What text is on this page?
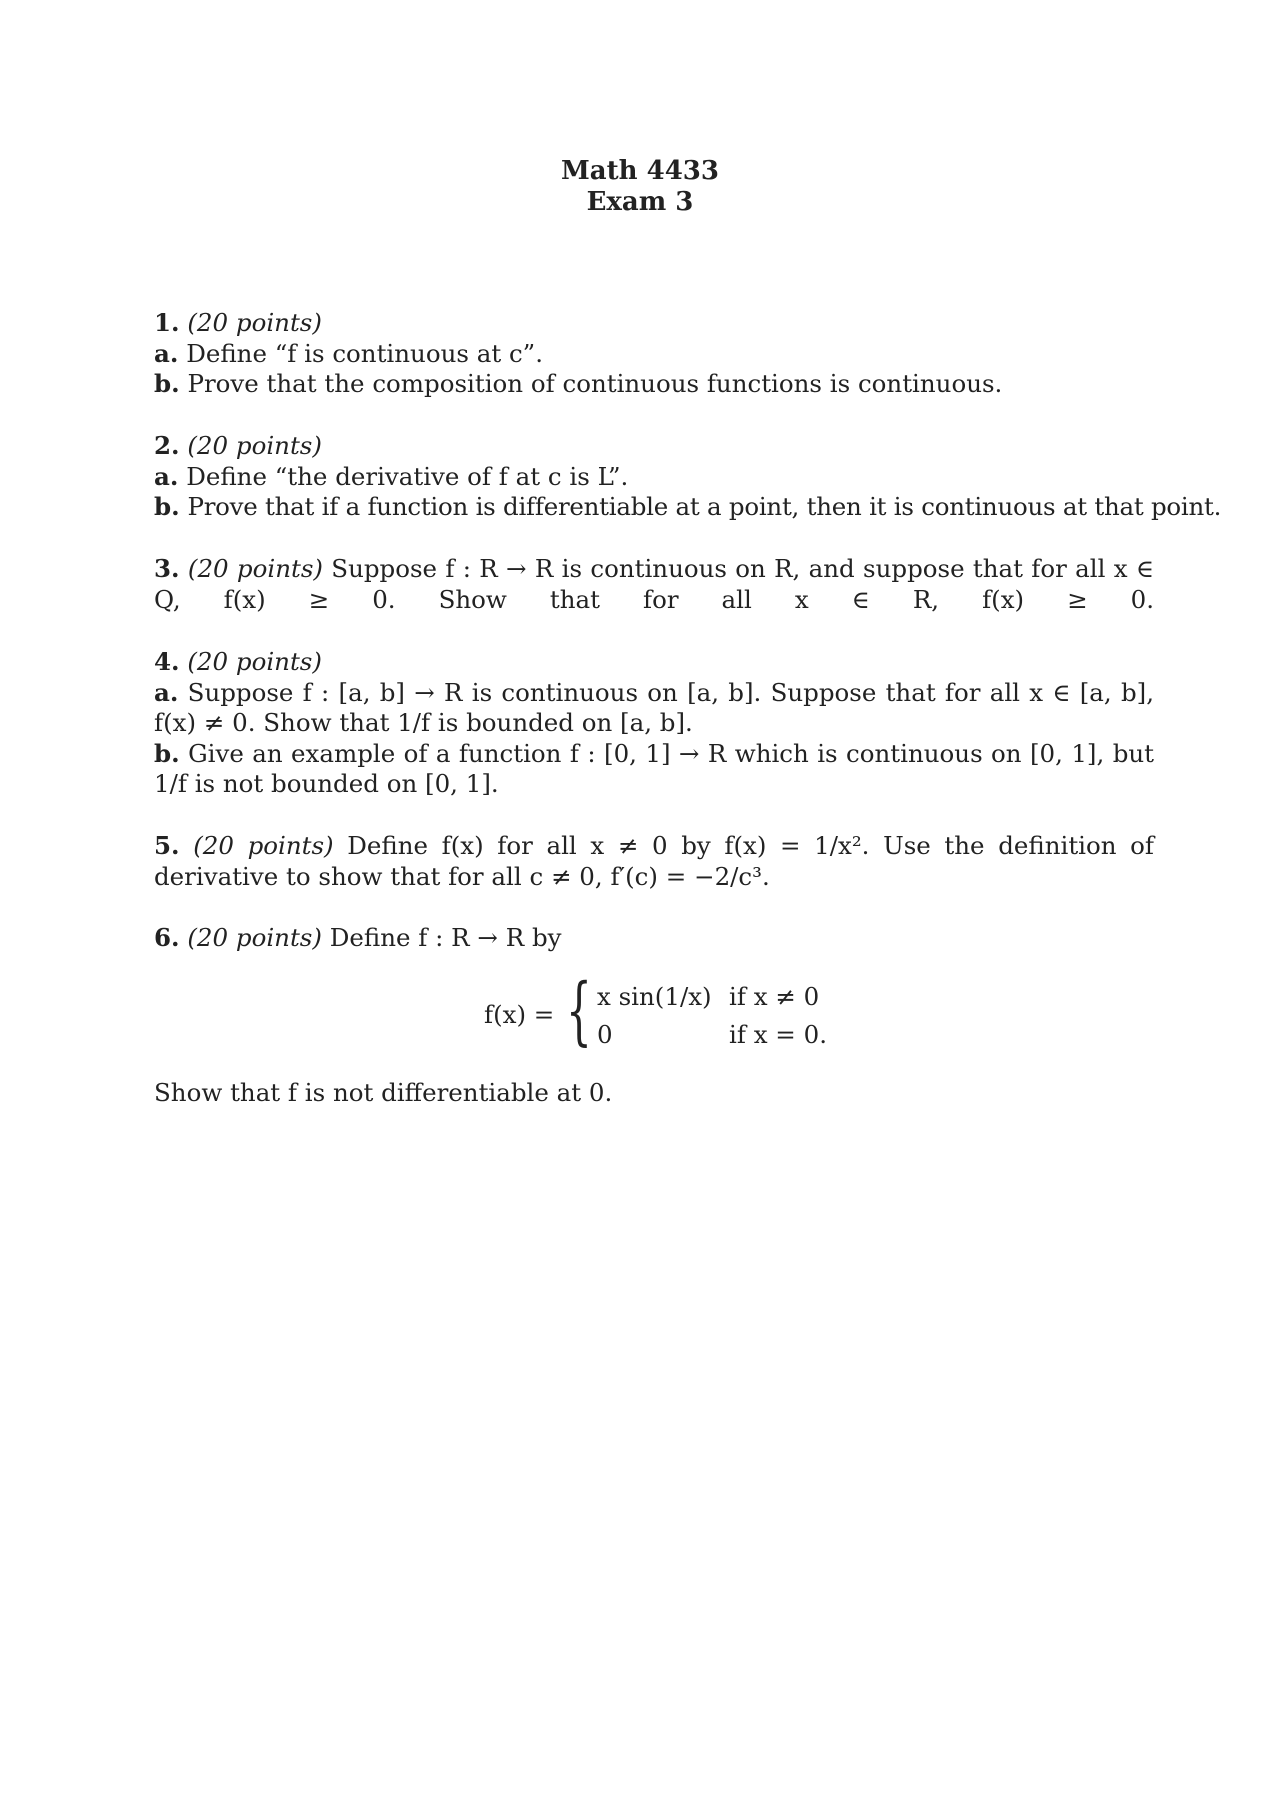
Math 4433
Exam 3
1. (20 points)
a. Define “f is continuous at c”.
b. Prove that the composition of continuous functions is continuous.
2. (20 points)
a. Define “the derivative of f at c is L”.
b. Prove that if a function is differentiable at a point, then it is continuous at that point.
3. (20 points) Suppose f : R → R is continuous on R, and suppose that for all x ∈ Q, f(x) ≥ 0. Show that for all x ∈ R, f(x) ≥ 0.
4. (20 points)
a. Suppose f : [a, b] → R is continuous on [a, b]. Suppose that for all x ∈ [a, b], f(x) ≠ 0. Show that 1/f is bounded on [a, b].
b. Give an example of a function f : [0, 1] → R which is continuous on [0, 1], but 1/f is not bounded on [0, 1].
5. (20 points) Define f(x) for all x ≠ 0 by f(x) = 1/x². Use the definition of derivative to show that for all c ≠ 0, f′(c) = −2/c³.
6. (20 points) Define f : R → R by
f(x) = { x sin(1/x) if x ≠ 0
0	if x = 0.
Show that f is not differentiable at 0.
